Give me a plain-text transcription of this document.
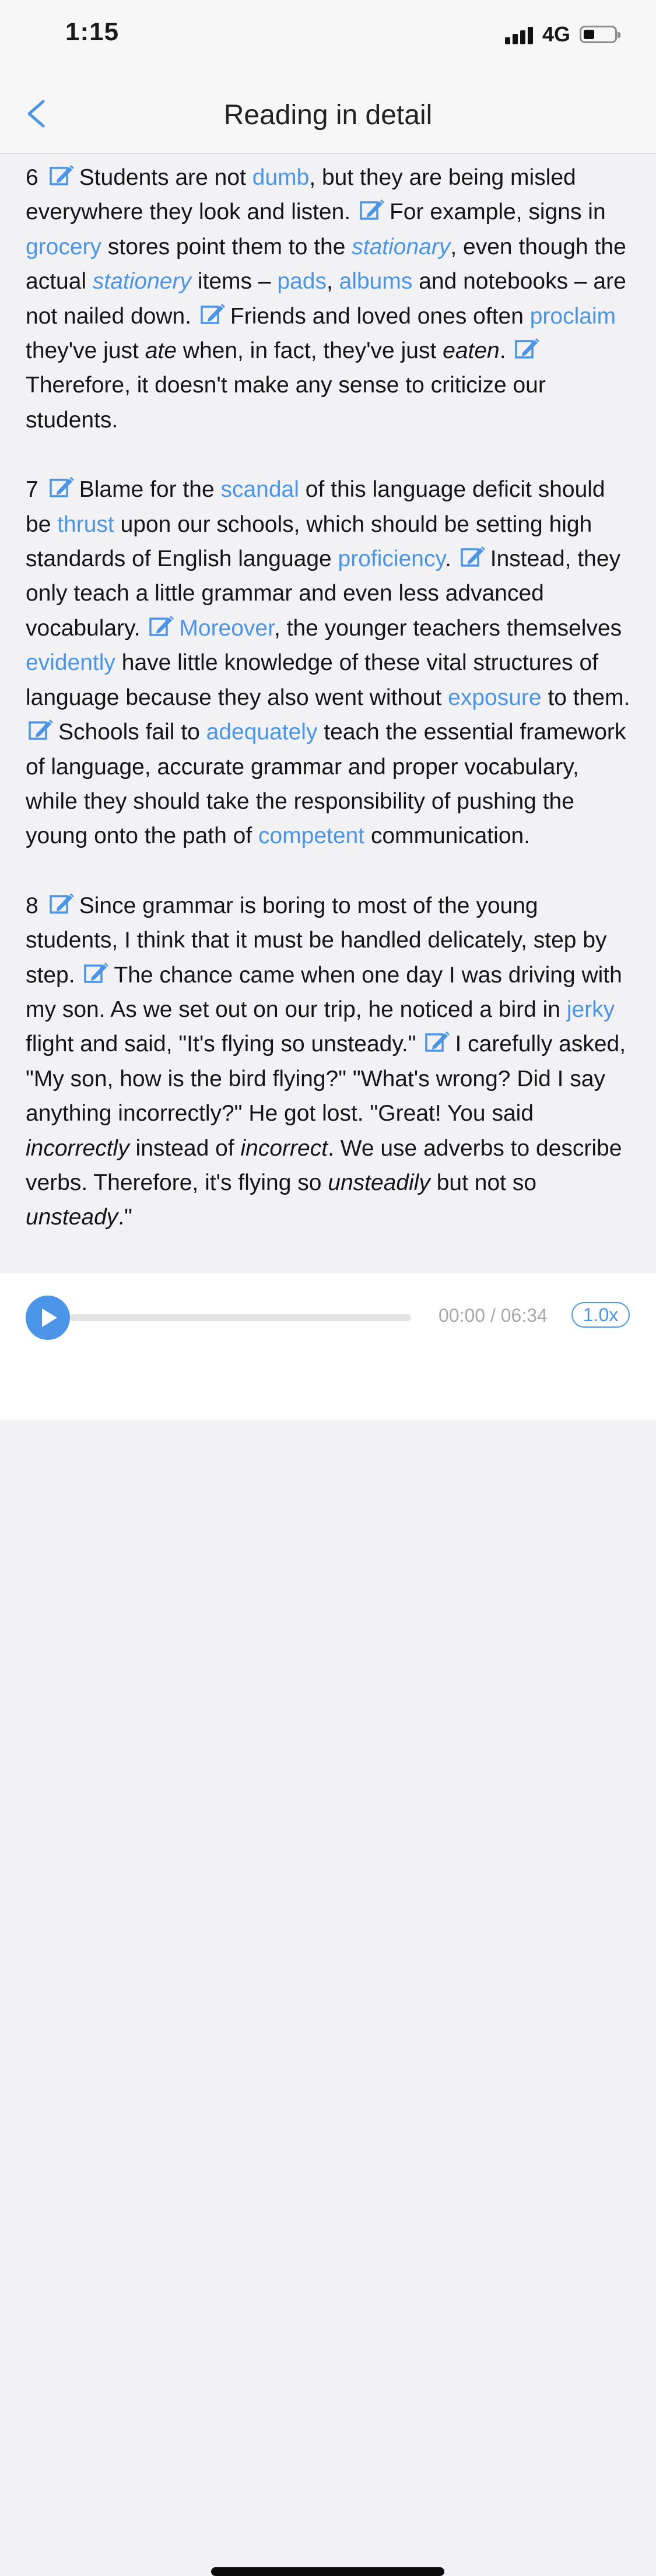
1:15	4G
Reading in detail
6 Students are not dumb, but they are being misled everywhere they look and listen.
For example, signs in grocery stores point them to the stationary, even though the actual stationery items – pads, albums and notebooks – are not nailed down.
Friends and loved ones often proclaim they've just ate when, in fact, they've just eaten.
Therefore, it doesn't make any sense to criticize our students.
7 Blame for the scandal of this language deficit should be thrust upon our schools, which should be setting high standards of English language proficiency.
Instead, they only teach a little grammar and even less advanced vocabulary.
Moreover, the younger teachers themselves evidently have little knowledge of these vital structures of language because they also went without exposure to them.
Schools fail to adequately teach the essential framework of language, accurate grammar and proper vocabulary, while they should take the responsibility of pushing the young onto the path of competent communication.
8 Since grammar is boring to most of the young students, I think that it must be handled delicately, step by step.
The chance came when one day I was driving with my son. As we set out on our trip, he noticed a bird in jerky flight and said, "It's flying so unsteady."
I carefully asked, "My son, how is the bird flying?" "What's wrong? Did I say anything incorrectly?" He got lost. "Great! You said incorrectly instead of incorrect. We use adverbs to describe verbs. Therefore, it's flying so unsteadily but not so unsteady."
00:00 / 06:34	1.0x
